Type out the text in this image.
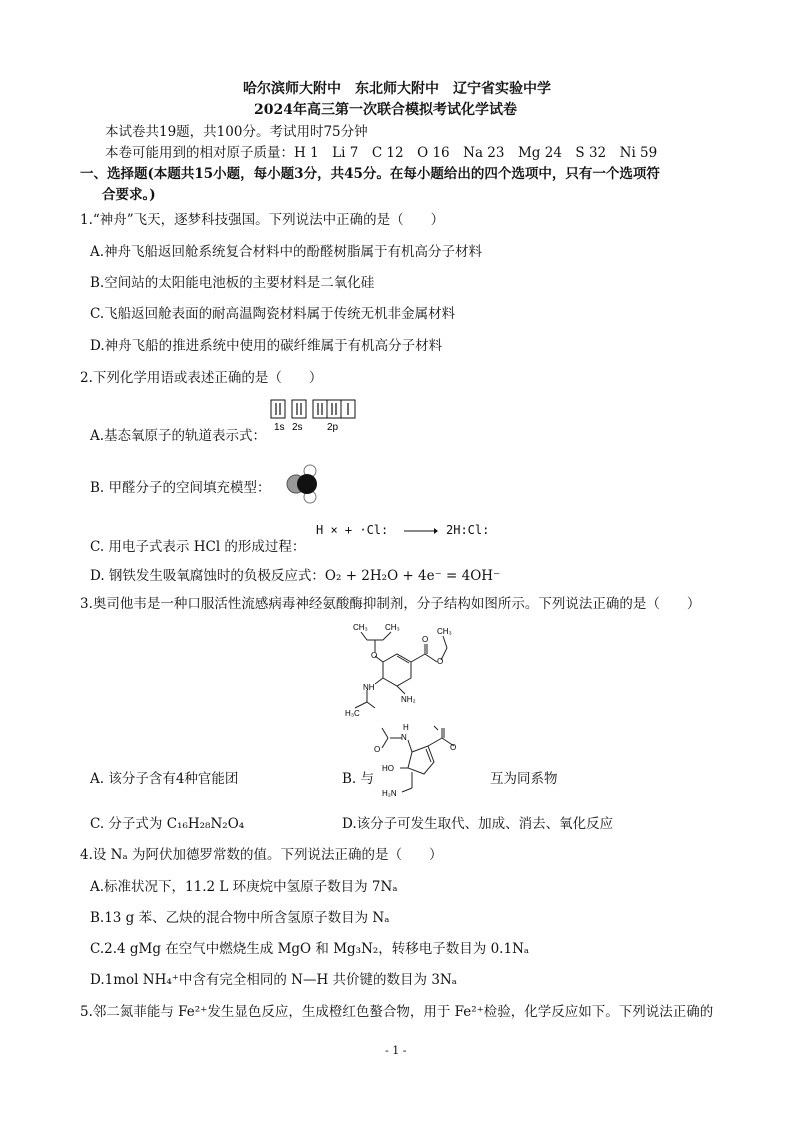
哈尔滨师大附中　东北师大附中　辽宁省实验中学
2024年高三第一次联合模拟考试化学试卷
本试卷共19题，共100分。考试用时75分钟
本卷可能用到的相对原子质量：H 1　Li 7　C 12　O 16　Na 23　Mg 24　S 32　Ni 59
一、选择题(本题共15小题，每小题3分，共45分。在每小题给出的四个选项中，只有一个选项符
合要求。)
1.“神舟”飞天，逐梦科技强国。下列说法中正确的是（　　）
A.神舟飞船返回舱系统复合材料中的酚醛树脂属于有机高分子材料
B.空间站的太阳能电池板的主要材料是二氧化硅
C.飞船返回舱表面的耐高温陶瓷材料属于传统无机非金属材料
D.神舟飞船的推进系统中使用的碳纤维属于有机高分子材料
2.下列化学用语或表述正确的是（　　）
1s 2s 2p
A.基态氧原子的轨道表示式：
B. 甲醛分子的空间填充模型：
H × + ·Cl: → 2H:Cl:
C. 用电子式表示 HCl 的形成过程：
D. 钢铁发生吸氧腐蚀时的负极反应式：O₂ + 2H₂O + 4e⁻ = 4OH⁻
3.奥司他韦是一种口服活性流感病毒神经氨酸酶抑制剂，分子结构如图所示。下列说法正确的是（　　）
CH₃ CH₃
O
O
O
CH₃
NH
NH₂
H₃C
O
N
H
O
HO
H₂N
A. 该分子含有4种官能团	B. 与	互为同系物
C. 分子式为 C₁₆H₂₈N₂O₄	D.该分子可发生取代、加成、消去、氧化反应
4.设 Nₐ 为阿伏加德罗常数的值。下列说法正确的是（　　）
A.标准状况下，11.2 L 环庚烷中氢原子数目为 7Nₐ
B.13 g 苯、乙炔的混合物中所含氢原子数目为 Nₐ
C.2.4 gMg 在空气中燃烧生成 MgO 和 Mg₃N₂，转移电子数目为 0.1Nₐ
D.1mol NH₄⁺中含有完全相同的 N—H 共价键的数目为 3Nₐ
5.邻二氮菲能与 Fe²⁺发生显色反应，生成橙红色螯合物，用于 Fe²⁺检验，化学反应如下。下列说法正确的
- 1 -
